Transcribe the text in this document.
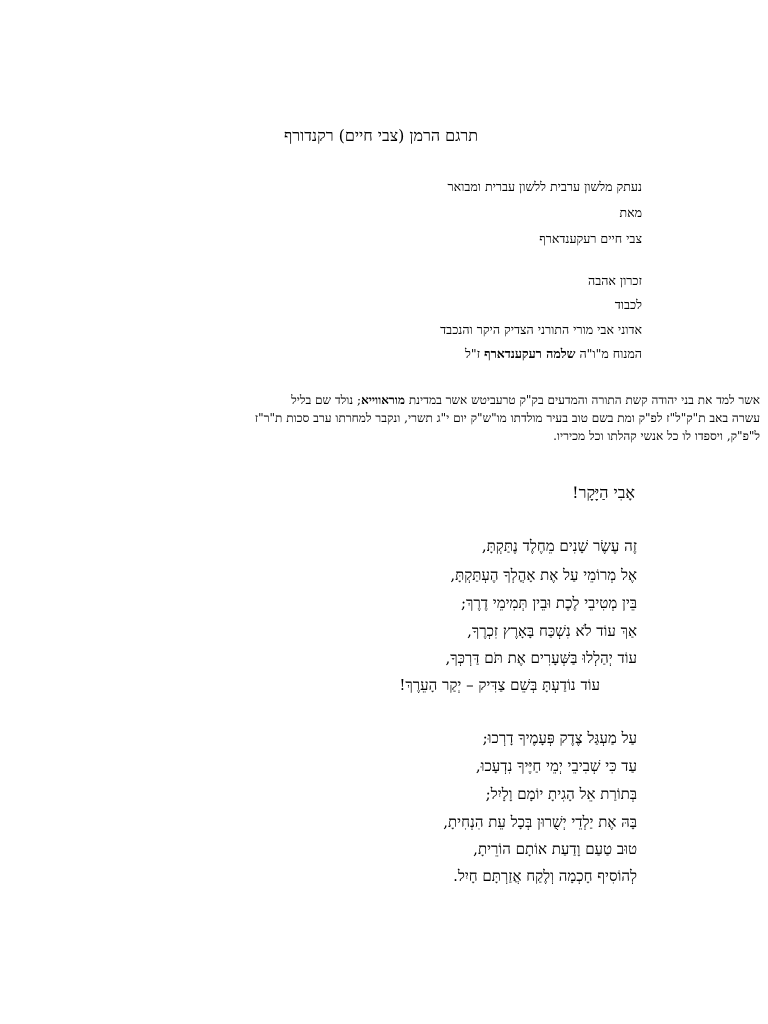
תרגם הרמן (צבי חיים) רקנדורף
נעתק מלשון ערבית ללשון עברית ומבואר
מאת
צבי חיים רעקענדארף
זכרון אהבה
לכבוד
אדוני אבי מורי התורני הצדיק היקר והנכבד
המנוח מ"ו"ה שלמה רעקענדארף ז"ל
אשר למד את בני יהודה קשת התורה והמדעים בק"ק טרעביטש אשר במדינת מורא‌ווייא; נולד שם בליל
עשרה באב ת"ק"ל"ז לפ"ק ומת בשם טוב בעיר מולדתו מו"ש"ק יום י"ג תשרי, ונקבר למחרתו ערב סכות ת"ר"ז
ל"פ"ק, ויספדו לו כל אנשי קהלתו וכל מכיריו.
אָבִי הַיָּקָר!
זֶה עֶשֶׂר שָׁנִים מֵחֶלֶד נֶתַּקְתָּ,
אֶל מְרוֹמֵי עַל אֶת אָהֳלְךָ הֶעְתַּקְתָּ,
בֵּין מְטִיבֵי לֶכֶת וּבֵין תְּמִימֵי דֶרֶךְ;
אַךְ עוֹד לֹא נִשְׁכַּח בָּאָרֶץ זִכְרֶךָ,
עוֹד יְהַלְלוּ בַּשְּׁעָרִים אֶת תֹּם דַּרְכְּךָ,
עוֹד נוֹדַעְתָּ בְּשֵׁם צַדִּיק – יְקַר הָעֵרֶךְ!
עַל מַעְגַּל צֶדֶק פְּעָמֶיךָ דָרְכוּ;
עַד כִּי שְׁבִיבֵי יְמֵי חַיֶּיךָ נִדְעָכוּ,
בְּתוֹרַת אֵל הָגִיתָ יוֹמָם וָלָיִל;
בָּהּ אֶת יַלְדֵי יְשֻׁרוּן בְּכָל עֵת הִנְחִיתָ,
טוּב טַעַם וָדַעַת אוֹתָם הוֹרֵיתָ,
לְהוֹסִיף חָכְמָה וְלֶקַח אֲזַרְתָּם חָיִל.
